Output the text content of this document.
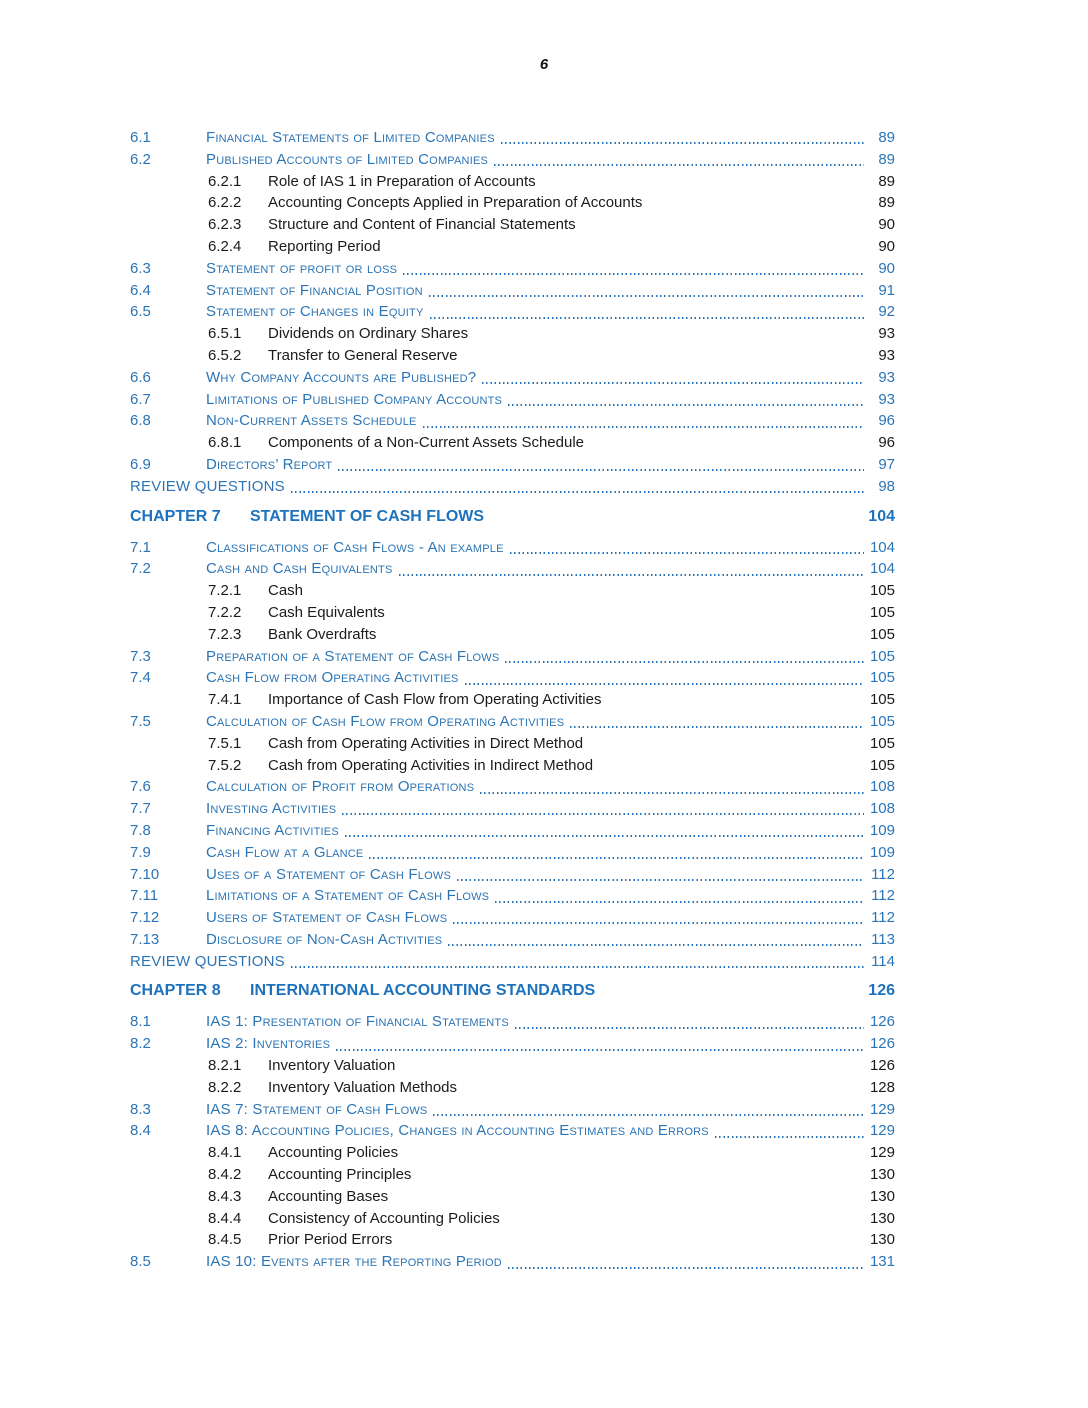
6
6.1	Financial Statements of Limited Companies	89
6.2	Published Accounts of Limited Companies	89
6.2.1	Role of IAS 1 in Preparation of Accounts	89
6.2.2	Accounting Concepts Applied in Preparation of Accounts	89
6.2.3	Structure and Content of Financial Statements	90
6.2.4	Reporting Period	90
6.3	Statement of profit or loss	90
6.4	Statement of Financial Position	91
6.5	Statement of Changes in Equity	92
6.5.1	Dividends on Ordinary Shares	93
6.5.2	Transfer to General Reserve	93
6.6	Why Company Accounts are Published?	93
6.7	Limitations of Published Company Accounts	93
6.8	Non-Current Assets Schedule	96
6.8.1	Components of a Non-Current Assets Schedule	96
6.9	Directors’ Report	97
REVIEW QUESTIONS	98
CHAPTER 7	STATEMENT OF CASH FLOWS	104
7.1	Classifications of Cash Flows - An example	104
7.2	Cash and Cash Equivalents	104
7.2.1	Cash	105
7.2.2	Cash Equivalents	105
7.2.3	Bank Overdrafts	105
7.3	Preparation of a Statement of Cash Flows	105
7.4	Cash Flow from Operating Activities	105
7.4.1	Importance of Cash Flow from Operating Activities	105
7.5	Calculation of Cash Flow from Operating Activities	105
7.5.1	Cash from Operating Activities in Direct Method	105
7.5.2	Cash from Operating Activities in Indirect Method	105
7.6	Calculation of Profit from Operations	108
7.7	Investing Activities	108
7.8	Financing Activities	109
7.9	Cash Flow at a Glance	109
7.10	Uses of a Statement of Cash Flows	112
7.11	Limitations of a Statement of Cash Flows	112
7.12	Users of Statement of Cash Flows	112
7.13	Disclosure of Non-Cash Activities	113
REVIEW QUESTIONS	114
CHAPTER 8	INTERNATIONAL ACCOUNTING STANDARDS	126
8.1	IAS 1: Presentation of Financial Statements	126
8.2	IAS 2: Inventories	126
8.2.1	Inventory Valuation	126
8.2.2	Inventory Valuation Methods	128
8.3	IAS 7: Statement of Cash Flows	129
8.4	IAS 8: Accounting Policies, Changes in Accounting Estimates and Errors	129
8.4.1	Accounting Policies	129
8.4.2	Accounting Principles	130
8.4.3	Accounting Bases	130
8.4.4	Consistency of Accounting Policies	130
8.4.5	Prior Period Errors	130
8.5	IAS 10: Events after the Reporting Period	131
